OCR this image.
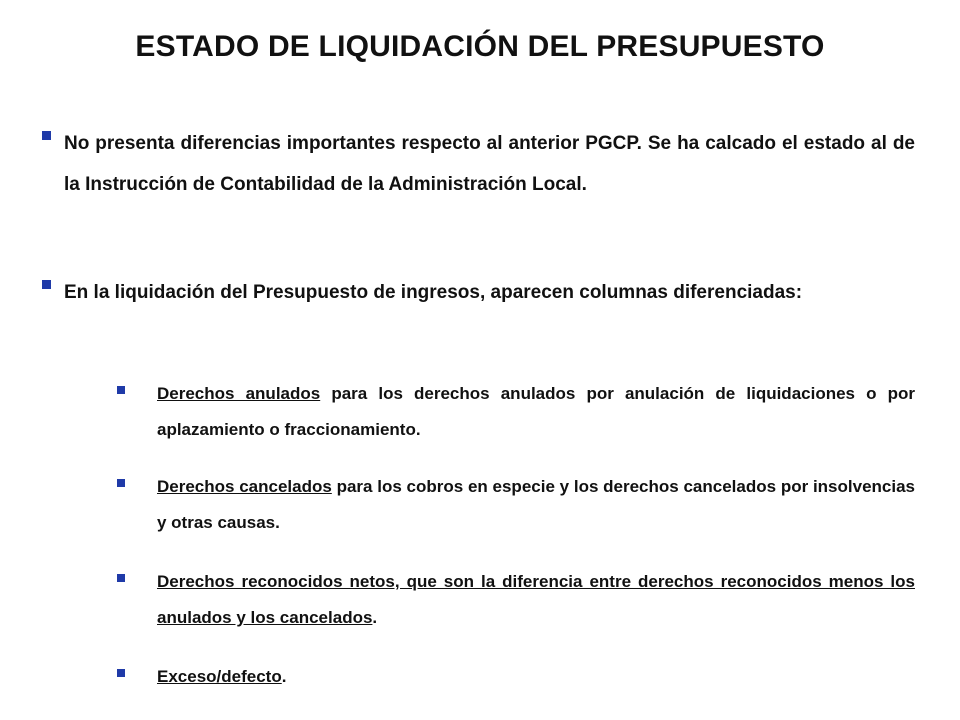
ESTADO DE LIQUIDACIÓN DEL PRESUPUESTO
No presenta diferencias importantes respecto al anterior PGCP. Se ha calcado el estado al de la Instrucción de Contabilidad de la Administración Local.
En la liquidación del Presupuesto de ingresos, aparecen columnas diferenciadas:
Derechos anulados para los derechos anulados por anulación de liquidaciones o por aplazamiento o fraccionamiento.
Derechos cancelados para los cobros en especie y los derechos cancelados por insolvencias y otras causas.
Derechos reconocidos netos, que son la diferencia entre derechos reconocidos menos los anulados y los cancelados.
Exceso/defecto.
